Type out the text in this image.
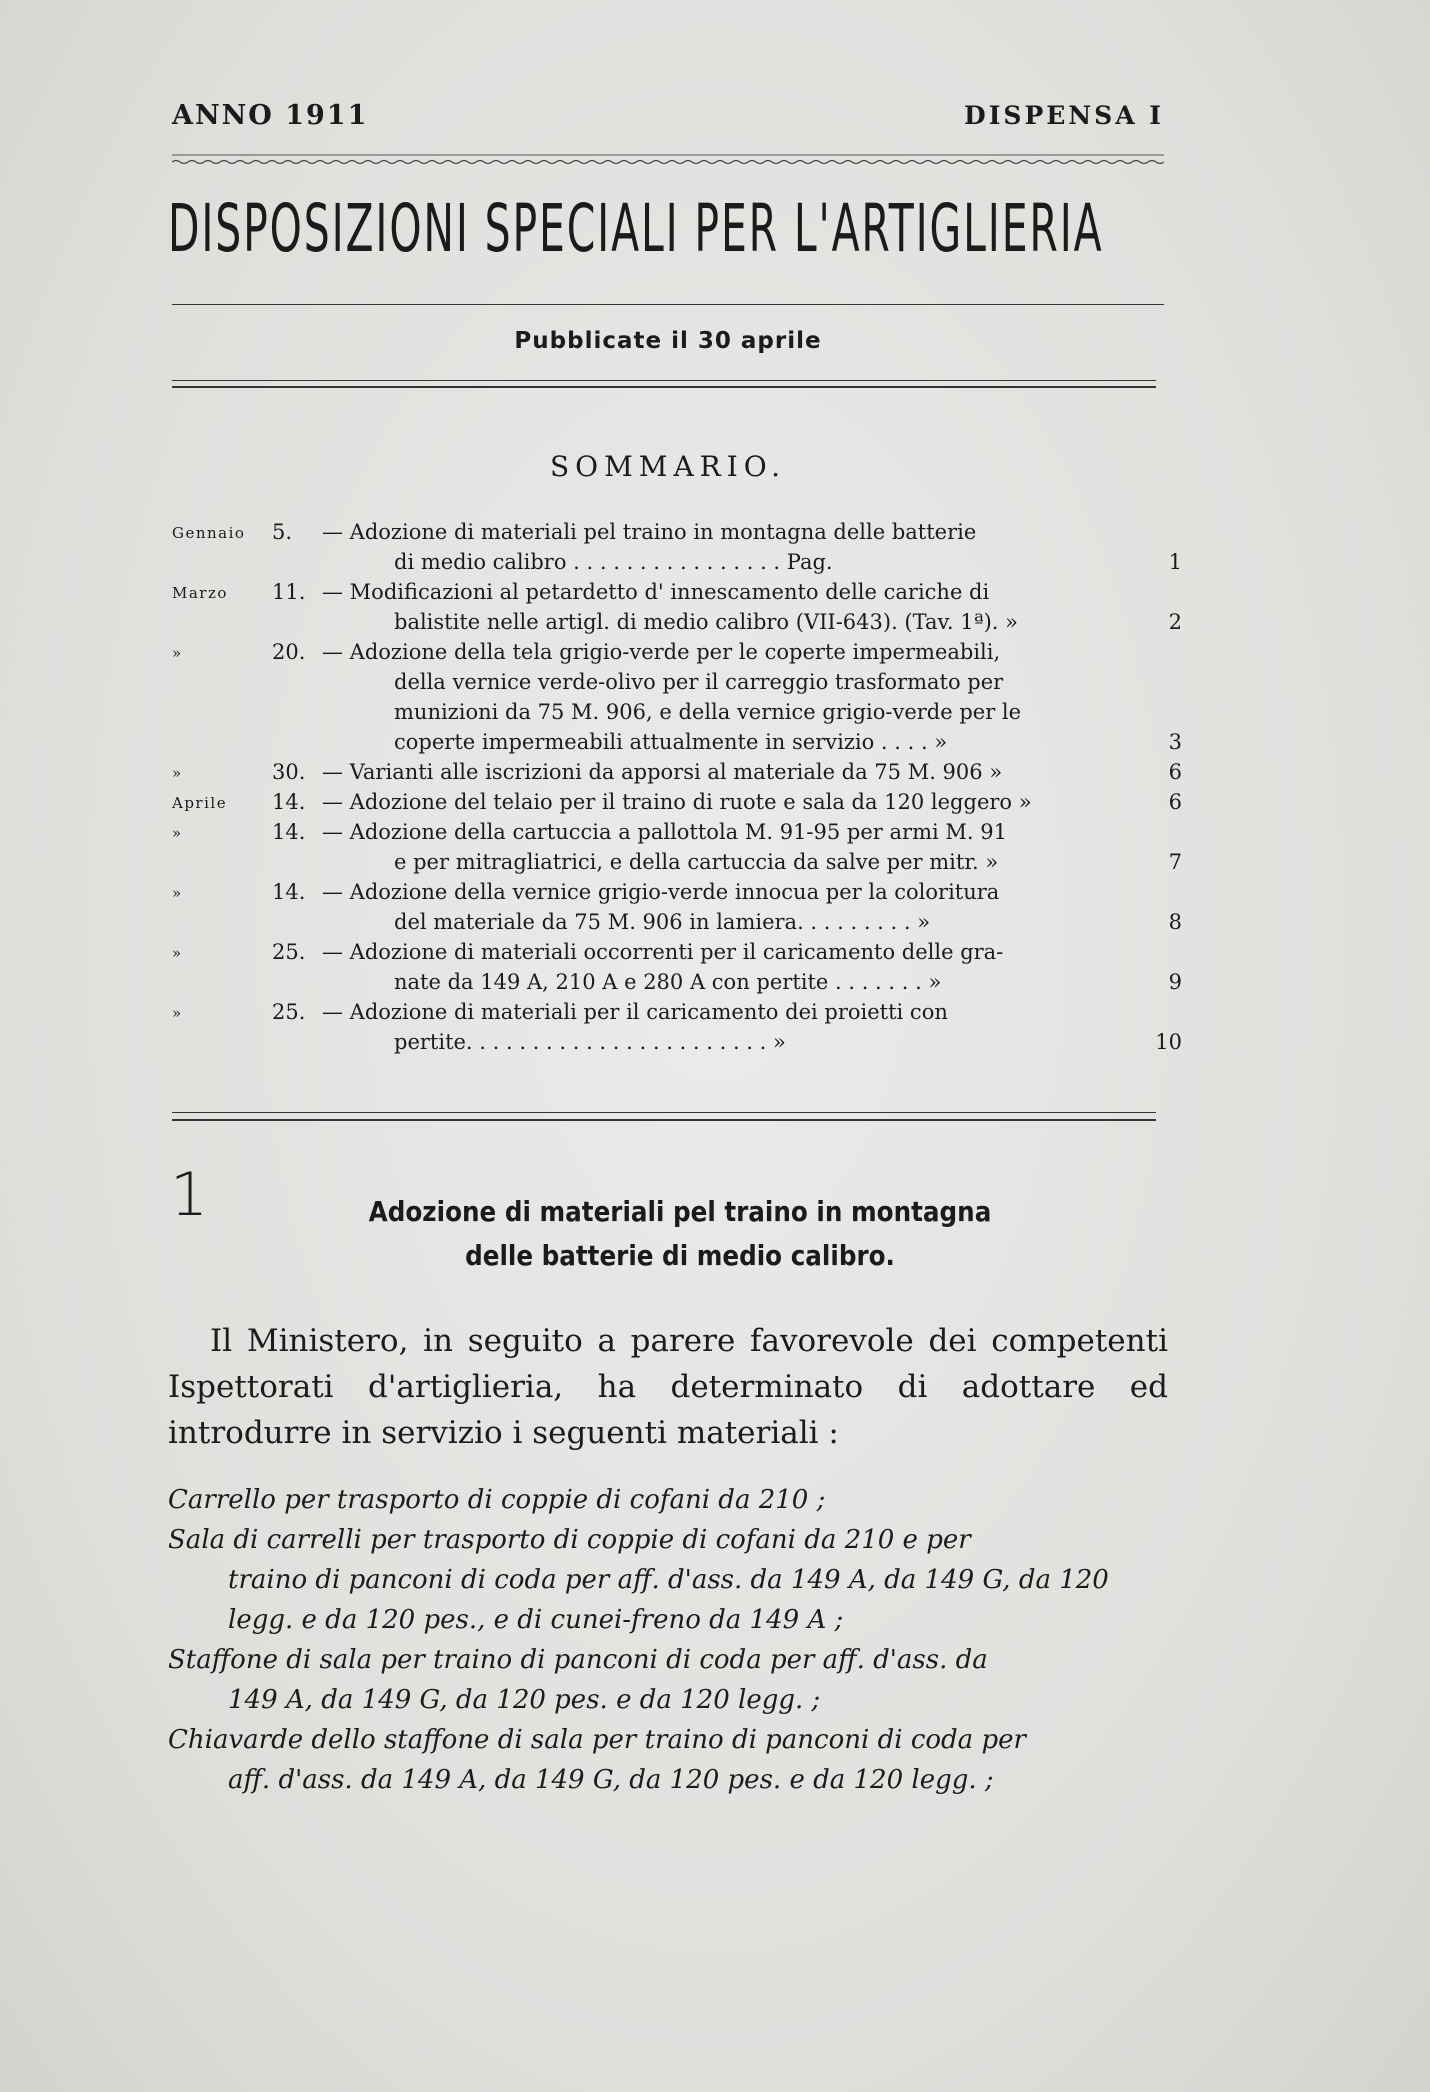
ANNO 1911	DISPENSA I
DISPOSIZIONI SPECIALI PER L'ARTIGLIERIA
Pubblicate il 30 aprile
SOMMARIO.
Gennaio 5. — Adozione di materiali pel traino in montagna delle batterie
di medio calibro . . . . . . . . . . . . . . . . Pag.	1
Marzo 11. — Modificazioni al petardetto d' innescamento delle cariche di
balistite nelle artigl. di medio calibro (VII-643). (Tav. 1ª). »	2
»	20. — Adozione della tela grigio-verde per le coperte impermeabili,
della vernice verde-olivo per il carreggio trasformato per
munizioni da 75 M. 906, e della vernice grigio-verde per le
coperte impermeabili attualmente in servizio . . . . »	3
»	30. — Varianti alle iscrizioni da apporsi al materiale da 75 M. 906 »	6
Aprile 14. — Adozione del telaio per il traino di ruote e sala da 120 leggero »	6
»	14. — Adozione della cartuccia a pallottola M. 91-95 per armi M. 91
e per mitragliatrici, e della cartuccia da salve per mitr. »	7
»	14. — Adozione della vernice grigio-verde innocua per la coloritura
del materiale da 75 M. 906 in lamiera. . . . . . . . . »	8
»	25. — Adozione di materiali occorrenti per il caricamento delle gra-
nate da 149 A, 210 A e 280 A con pertite . . . . . . . »	9
»	25. — Adozione di materiali per il caricamento dei proietti con
pertite. . . . . . . . . . . . . . . . . . . . . . . »	10
1	Adozione di materiali pel traino in montagna
delle batterie di medio calibro.
Il Ministero, in seguito a parere favorevole dei competenti Ispettorati d'artiglieria, ha determinato di adottare ed introdurre in servizio i seguenti materiali :
Carrello per trasporto di coppie di cofani da 210 ;
Sala di carrelli per trasporto di coppie di cofani da 210 e per
traino di panconi di coda per aff. d'ass. da 149 A, da 149 G, da 120 legg. e da 120 pes., e di cunei-freno da 149 A ;
Staffone di sala per traino di panconi di coda per aff. d'ass. da
149 A, da 149 G, da 120 pes. e da 120 legg. ;
Chiavarde dello staffone di sala per traino di panconi di coda per
aff. d'ass. da 149 A, da 149 G, da 120 pes. e da 120 legg. ;
